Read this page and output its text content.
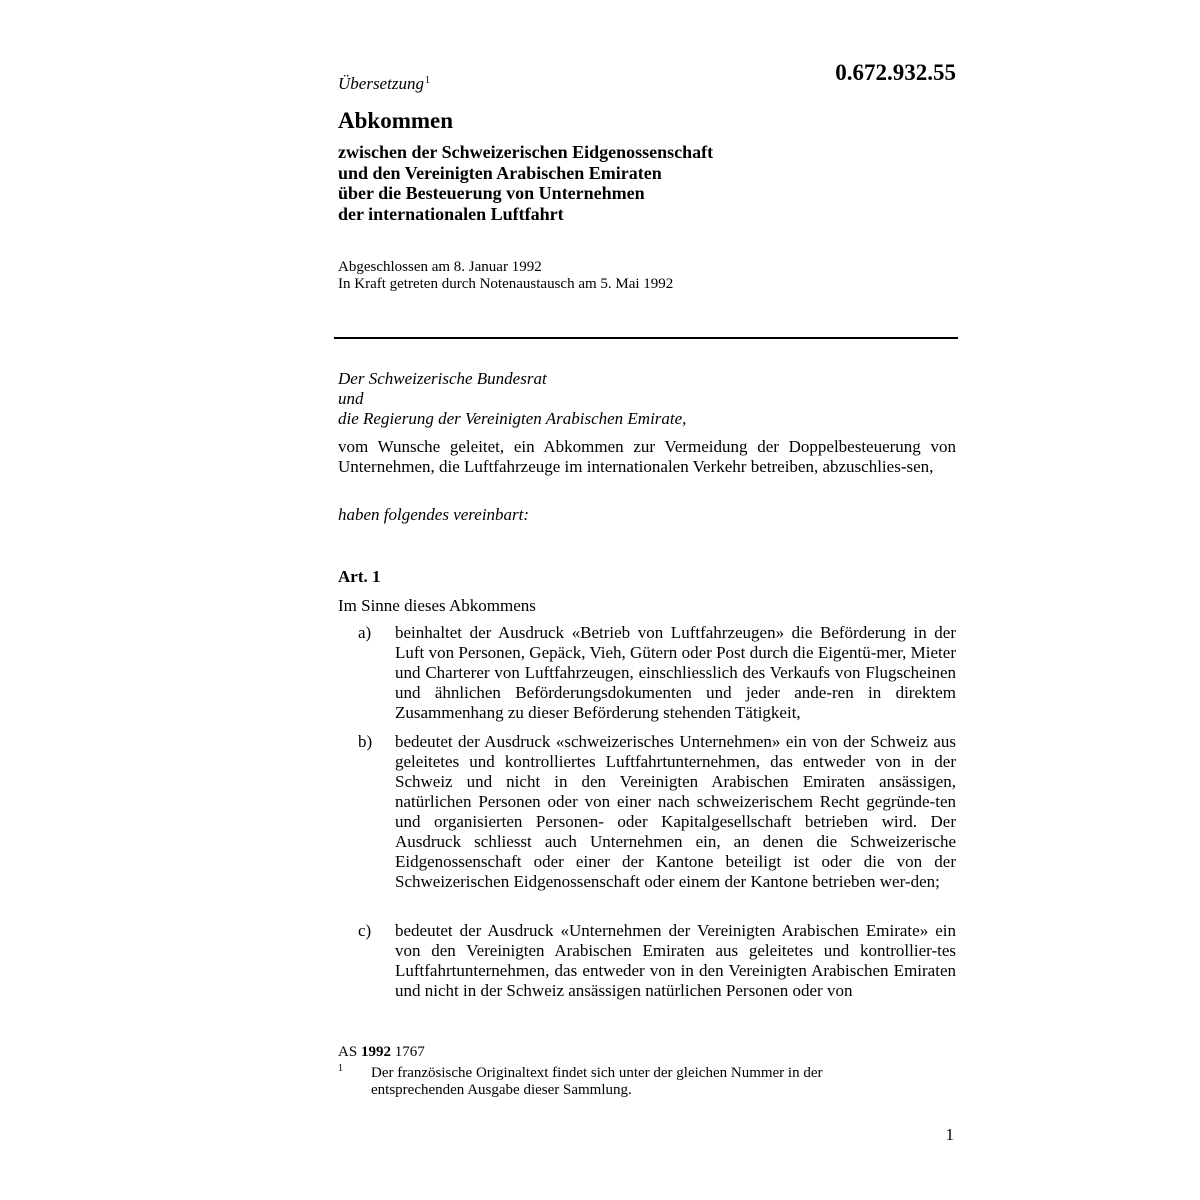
Übersetzung$^1$	0.672.932.55
Abkommen
zwischen der Schweizerischen Eidgenossenschaft
und den Vereinigten Arabischen Emiraten
über die Besteuerung von Unternehmen
der internationalen Luftfahrt
Abgeschlossen am 8. Januar 1992
In Kraft getreten durch Notenaustausch am 5. Mai 1992
Der Schweizerische Bundesrat
und
die Regierung der Vereinigten Arabischen Emirate,
vom Wunsche geleitet, ein Abkommen zur Vermeidung der Doppelbesteuerung von Unternehmen, die Luftfahrzeuge im internationalen Verkehr betreiben, abzuschlies-sen,
haben folgendes vereinbart:
Art. 1
Im Sinne dieses Abkommens
a) beinhaltet der Ausdruck «Betrieb von Luftfahrzeugen» die Beförderung in der Luft von Personen, Gepäck, Vieh, Gütern oder Post durch die Eigentü-mer, Mieter und Charterer von Luftfahrzeugen, einschliesslich des Verkaufs von Flugscheinen und ähnlichen Beförderungsdokumenten und jeder ande-ren in direktem Zusammenhang zu dieser Beförderung stehenden Tätigkeit,
b) bedeutet der Ausdruck «schweizerisches Unternehmen» ein von der Schweiz aus geleitetes und kontrolliertes Luftfahrtunternehmen, das entweder von in der Schweiz und nicht in den Vereinigten Arabischen Emiraten ansässigen, natürlichen Personen oder von einer nach schweizerischem Recht gegründe-ten und organisierten Personen- oder Kapitalgesellschaft betrieben wird. Der Ausdruck schliesst auch Unternehmen ein, an denen die Schweizerische Eidgenossenschaft oder einer der Kantone beteiligt ist oder die von der Schweizerischen Eidgenossenschaft oder einem der Kantone betrieben wer-den;
c) bedeutet der Ausdruck «Unternehmen der Vereinigten Arabischen Emirate» ein von den Vereinigten Arabischen Emiraten aus geleitetes und kontrollier-tes Luftfahrtunternehmen, das entweder von in den Vereinigten Arabischen Emiraten und nicht in der Schweiz ansässigen natürlichen Personen oder von
AS 1992 1767
1 Der französische Originaltext findet sich unter der gleichen Nummer in der entsprechenden Ausgabe dieser Sammlung.
1
